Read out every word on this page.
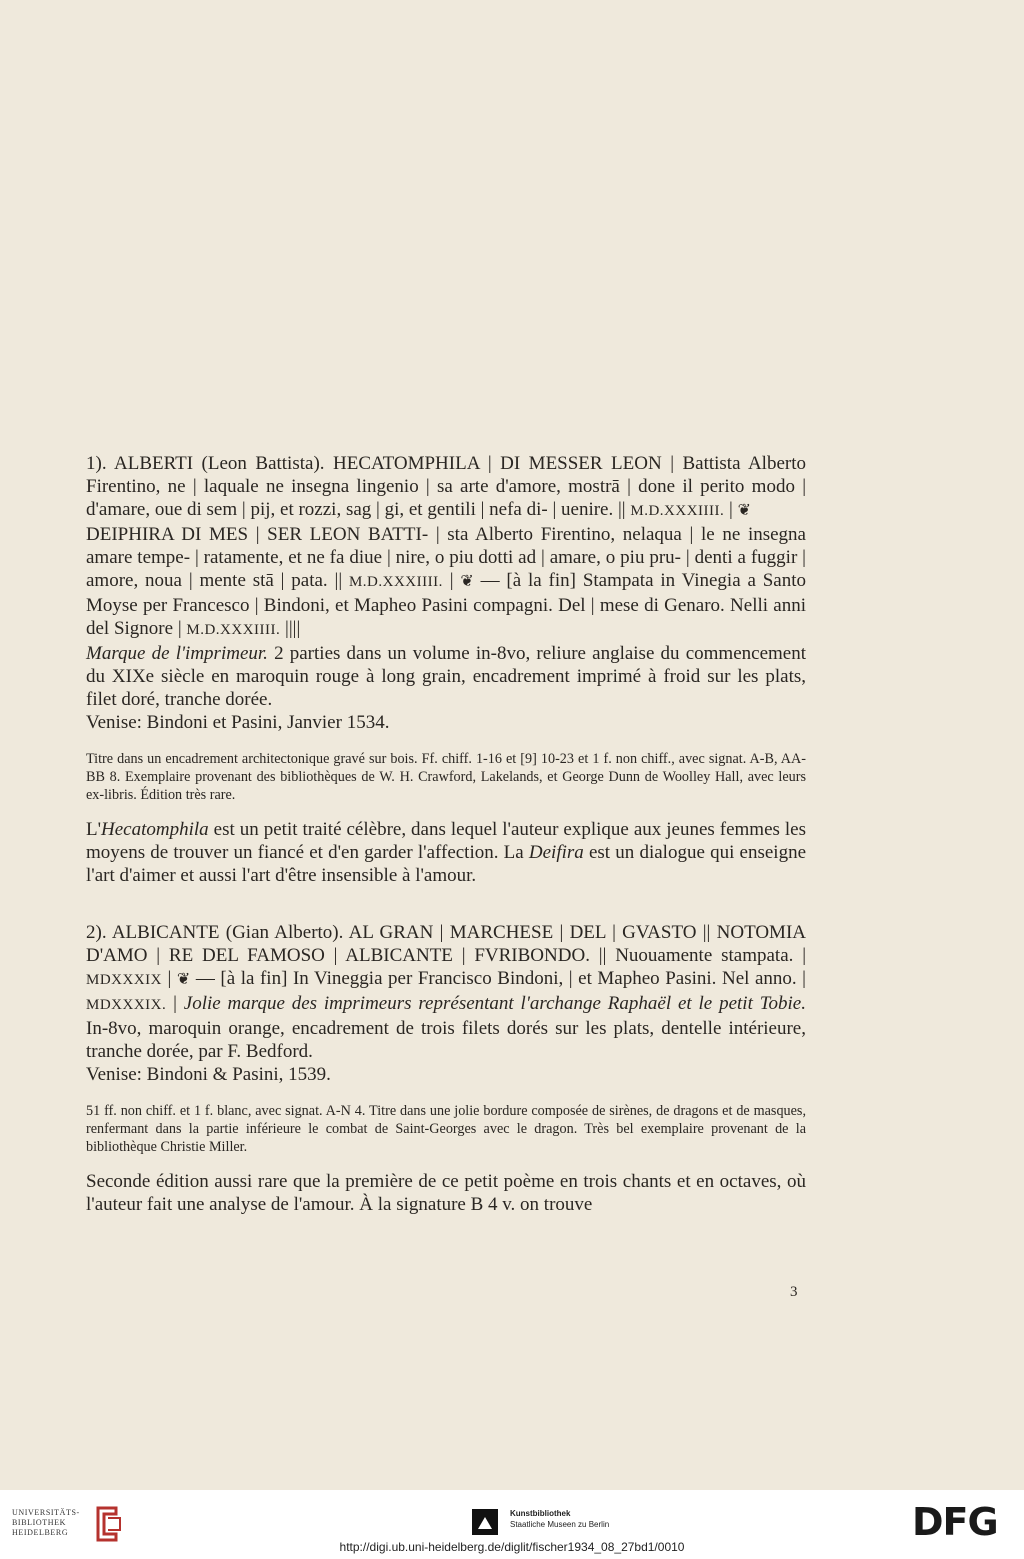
1). ALBERTI (Leon Battista). HECATOMPHILA | DI MESSER LEON | Battista Alberto Firentino, ne | laquale ne insegna lingenio | sa arte d'amore, mostrā | done il perito modo | d'amare, oue di sem | pij, et rozzi, sag | gi, et gentili | nefa di- | uenire. || M.D.XXXIIII. | ❦
DEIPHIRA DI MES | SER LEON BATTI- | sta Alberto Firentino, nelaqua | le ne insegna amare tempe- | ratamente, et ne fa diue | nire, o piu dotti ad | amare, o piu pru- | denti a fuggir | amore, noua | mente stā | pata. || M.D.XXXIIII. | ❦ — [à la fin] Stampata in Vinegia a Santo Moyse per Francesco | Bindoni, et Mapheo Pasini compagni. Del | mese di Genaro. Nelli anni del Signore | M.D.XXXIIII. ||||
Marque de l'imprimeur. 2 parties dans un volume in-8vo, reliure anglaise du commencement du XIXe siècle en maroquin rouge à long grain, encadrement imprimé à froid sur les plats, filet doré, tranche dorée.
Venise: Bindoni et Pasini, Janvier 1534.

Titre dans un encadrement architectonique gravé sur bois. Ff. chiff. 1-16 et [9] 10-23 et 1 f. non chiff., avec signat. A-B, AA-BB 8. Exemplaire provenant des bibliothèques de W. H. Crawford, Lakelands, et George Dunn de Woolley Hall, avec leurs ex-libris. Édition très rare.
L'Hecatomphila est un petit traité célèbre, dans lequel l'auteur explique aux jeunes femmes les moyens de trouver un fiancé et d'en garder l'affection. La Deifira est un dialogue qui enseigne l'art d'aimer et aussi l'art d'être insensible à l'amour.

2). ALBICANTE (Gian Alberto). AL GRAN | MARCHESE | DEL | GVASTO || NOTOMIA D'AMO | RE DEL FAMOSO | ALBICANTE | FVRIBONDO. || Nuouamente stampata. | MDXXXIX | ❦ — [à la fin] In Vineggia per Francisco Bindoni, | et Mapheo Pasini. Nel anno. | MDXXXIX. | Jolie marque des imprimeurs représentant l'archange Raphaël et le petit Tobie. In-8vo, maroquin orange, encadrement de trois filets dorés sur les plats, dentelle intérieure, tranche dorée, par F. Bedford.
Venise: Bindoni & Pasini, 1539.

51 ff. non chiff. et 1 f. blanc, avec signat. A-N 4. Titre dans une jolie bordure composée de sirènes, de dragons et de masques, renfermant dans la partie inférieure le combat de Saint-Georges avec le dragon. Très bel exemplaire provenant de la bibliothèque Christie Miller.
Seconde édition aussi rare que la première de ce petit poème en trois chants et en octaves, où l'auteur fait une analyse de l'amour. À la signature B 4 v. on trouve
3
UNIVERSITÄTS-
BIBLIOTHEK
HEIDELBERG
Kunstbibliothek
Staatliche Museen zu Berlin	DFG
http://digi.ub.uni-heidelberg.de/diglit/fischer1934_08_27bd1/0010
